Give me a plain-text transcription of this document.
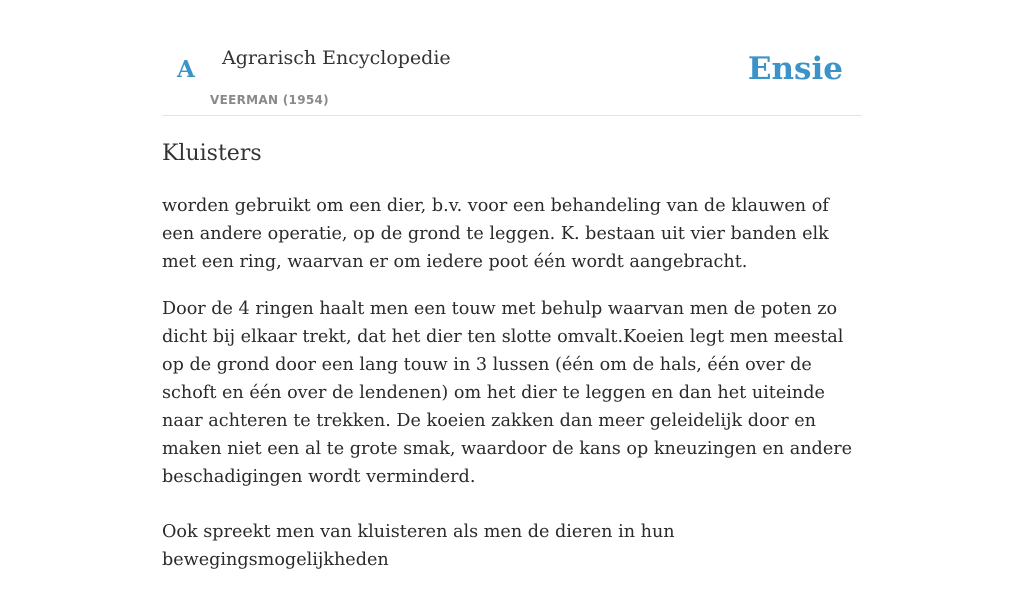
A Agrarisch Encyclopedie
VEERMAN (1954)
Ensie
Kluisters

worden gebruikt om een dier, b.v. voor een behandeling van de klauwen of een andere operatie, op de grond te leggen. K. bestaan uit vier banden elk met een ring, waarvan er om iedere poot één wordt aangebracht.

Door de 4 ringen haalt men een touw met behulp waarvan men de poten zo dicht bij elkaar trekt, dat het dier ten slotte omvalt.Koeien legt men meestal op de grond door een lang touw in 3 lussen (één om de hals, één over de schoft en één over de lendenen) om het dier te leggen en dan het uiteinde naar achteren te trekken. De koeien zakken dan meer geleidelijk door en maken niet een al te grote smak, waardoor de kans op kneuzingen en andere beschadigingen wordt verminderd.

Ook spreekt men van kluisteren als men de dieren in hun bewegingsmogelijkheden
